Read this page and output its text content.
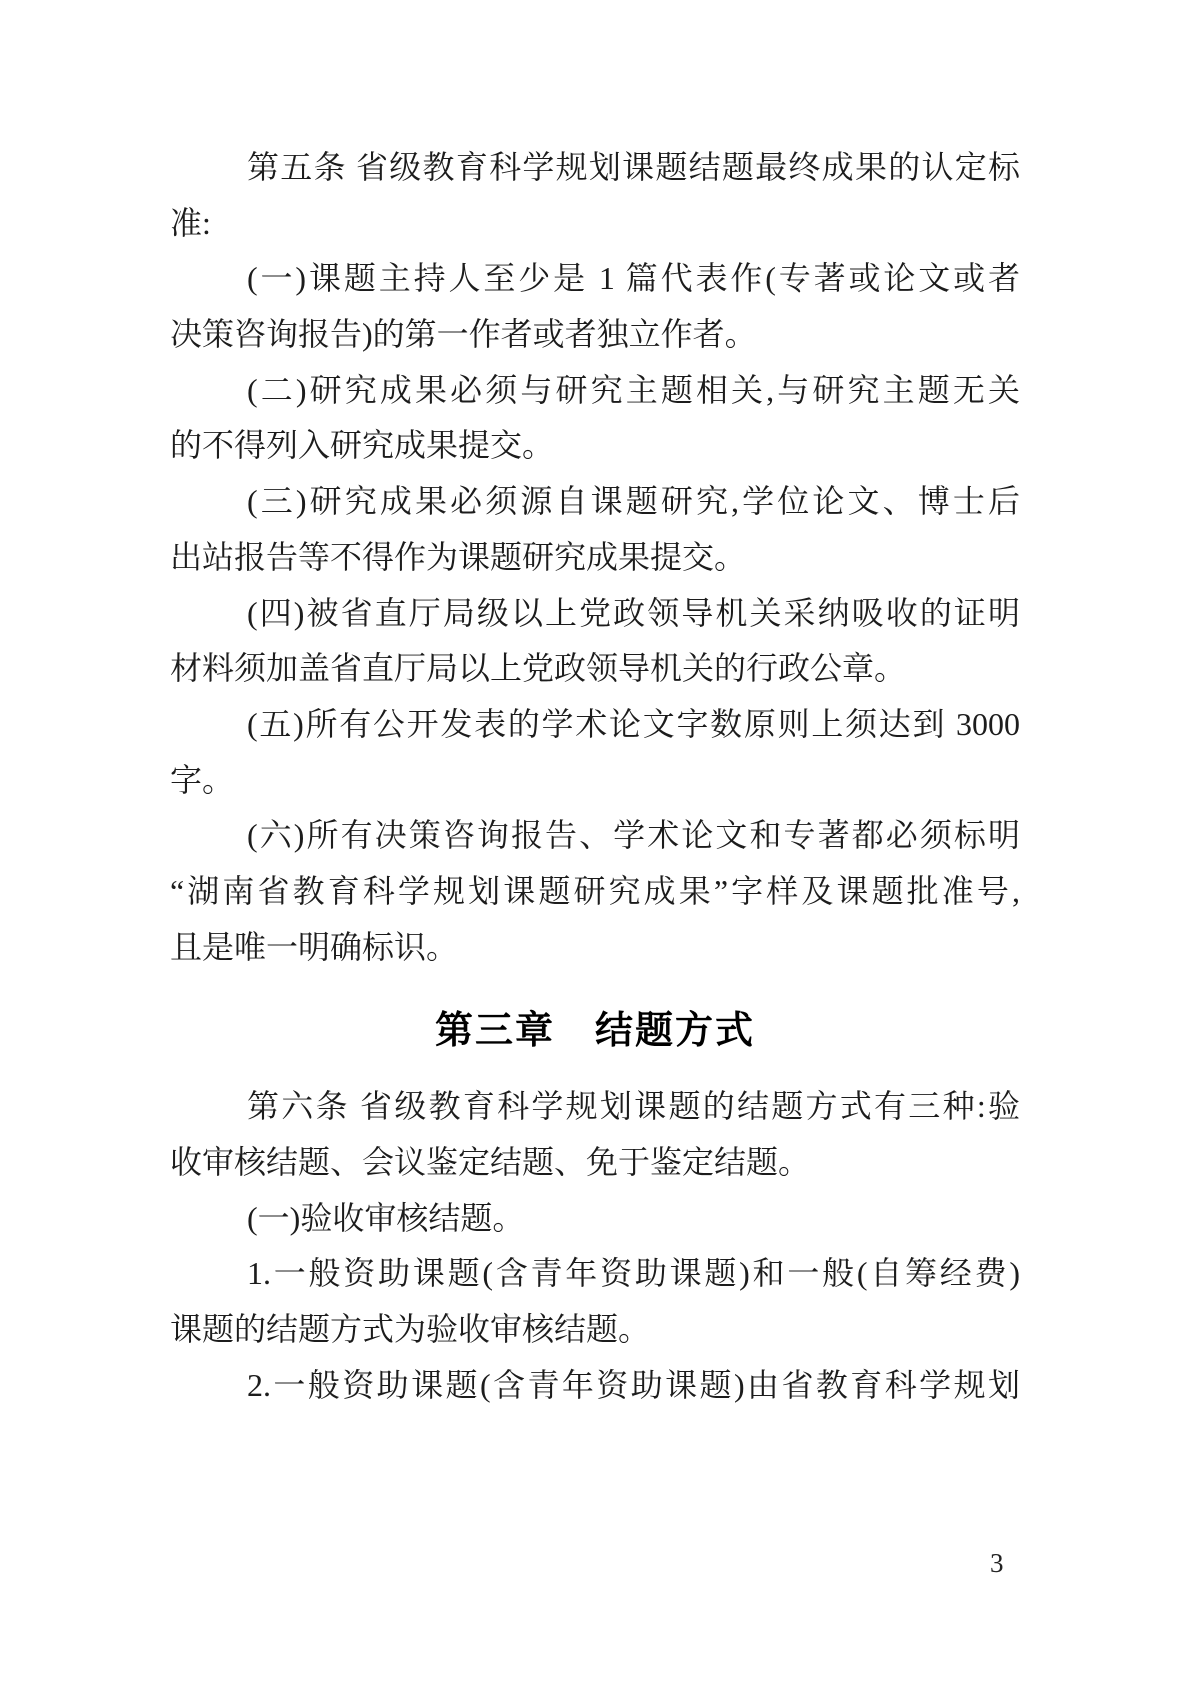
第五条 省级教育科学规划课题结题最终成果的认定标
准:
(一)课题主持人至少是 1 篇代表作(专著或论文或者
决策咨询报告)的第一作者或者独立作者。
(二)研究成果必须与研究主题相关,与研究主题无关
的不得列入研究成果提交。
(三)研究成果必须源自课题研究,学位论文、博士后
出站报告等不得作为课题研究成果提交。
(四)被省直厅局级以上党政领导机关采纳吸收的证明
材料须加盖省直厅局以上党政领导机关的行政公章。
(五)所有公开发表的学术论文字数原则上须达到 3000
字。
(六)所有决策咨询报告、学术论文和专著都必须标明
“湖南省教育科学规划课题研究成果”字样及课题批准号,
且是唯一明确标识。
第三章　结题方式
第六条 省级教育科学规划课题的结题方式有三种:验
收审核结题、会议鉴定结题、免于鉴定结题。
(一)验收审核结题。
1.一般资助课题(含青年资助课题)和一般(自筹经费)
课题的结题方式为验收审核结题。
2.一般资助课题(含青年资助课题)由省教育科学规划
3
